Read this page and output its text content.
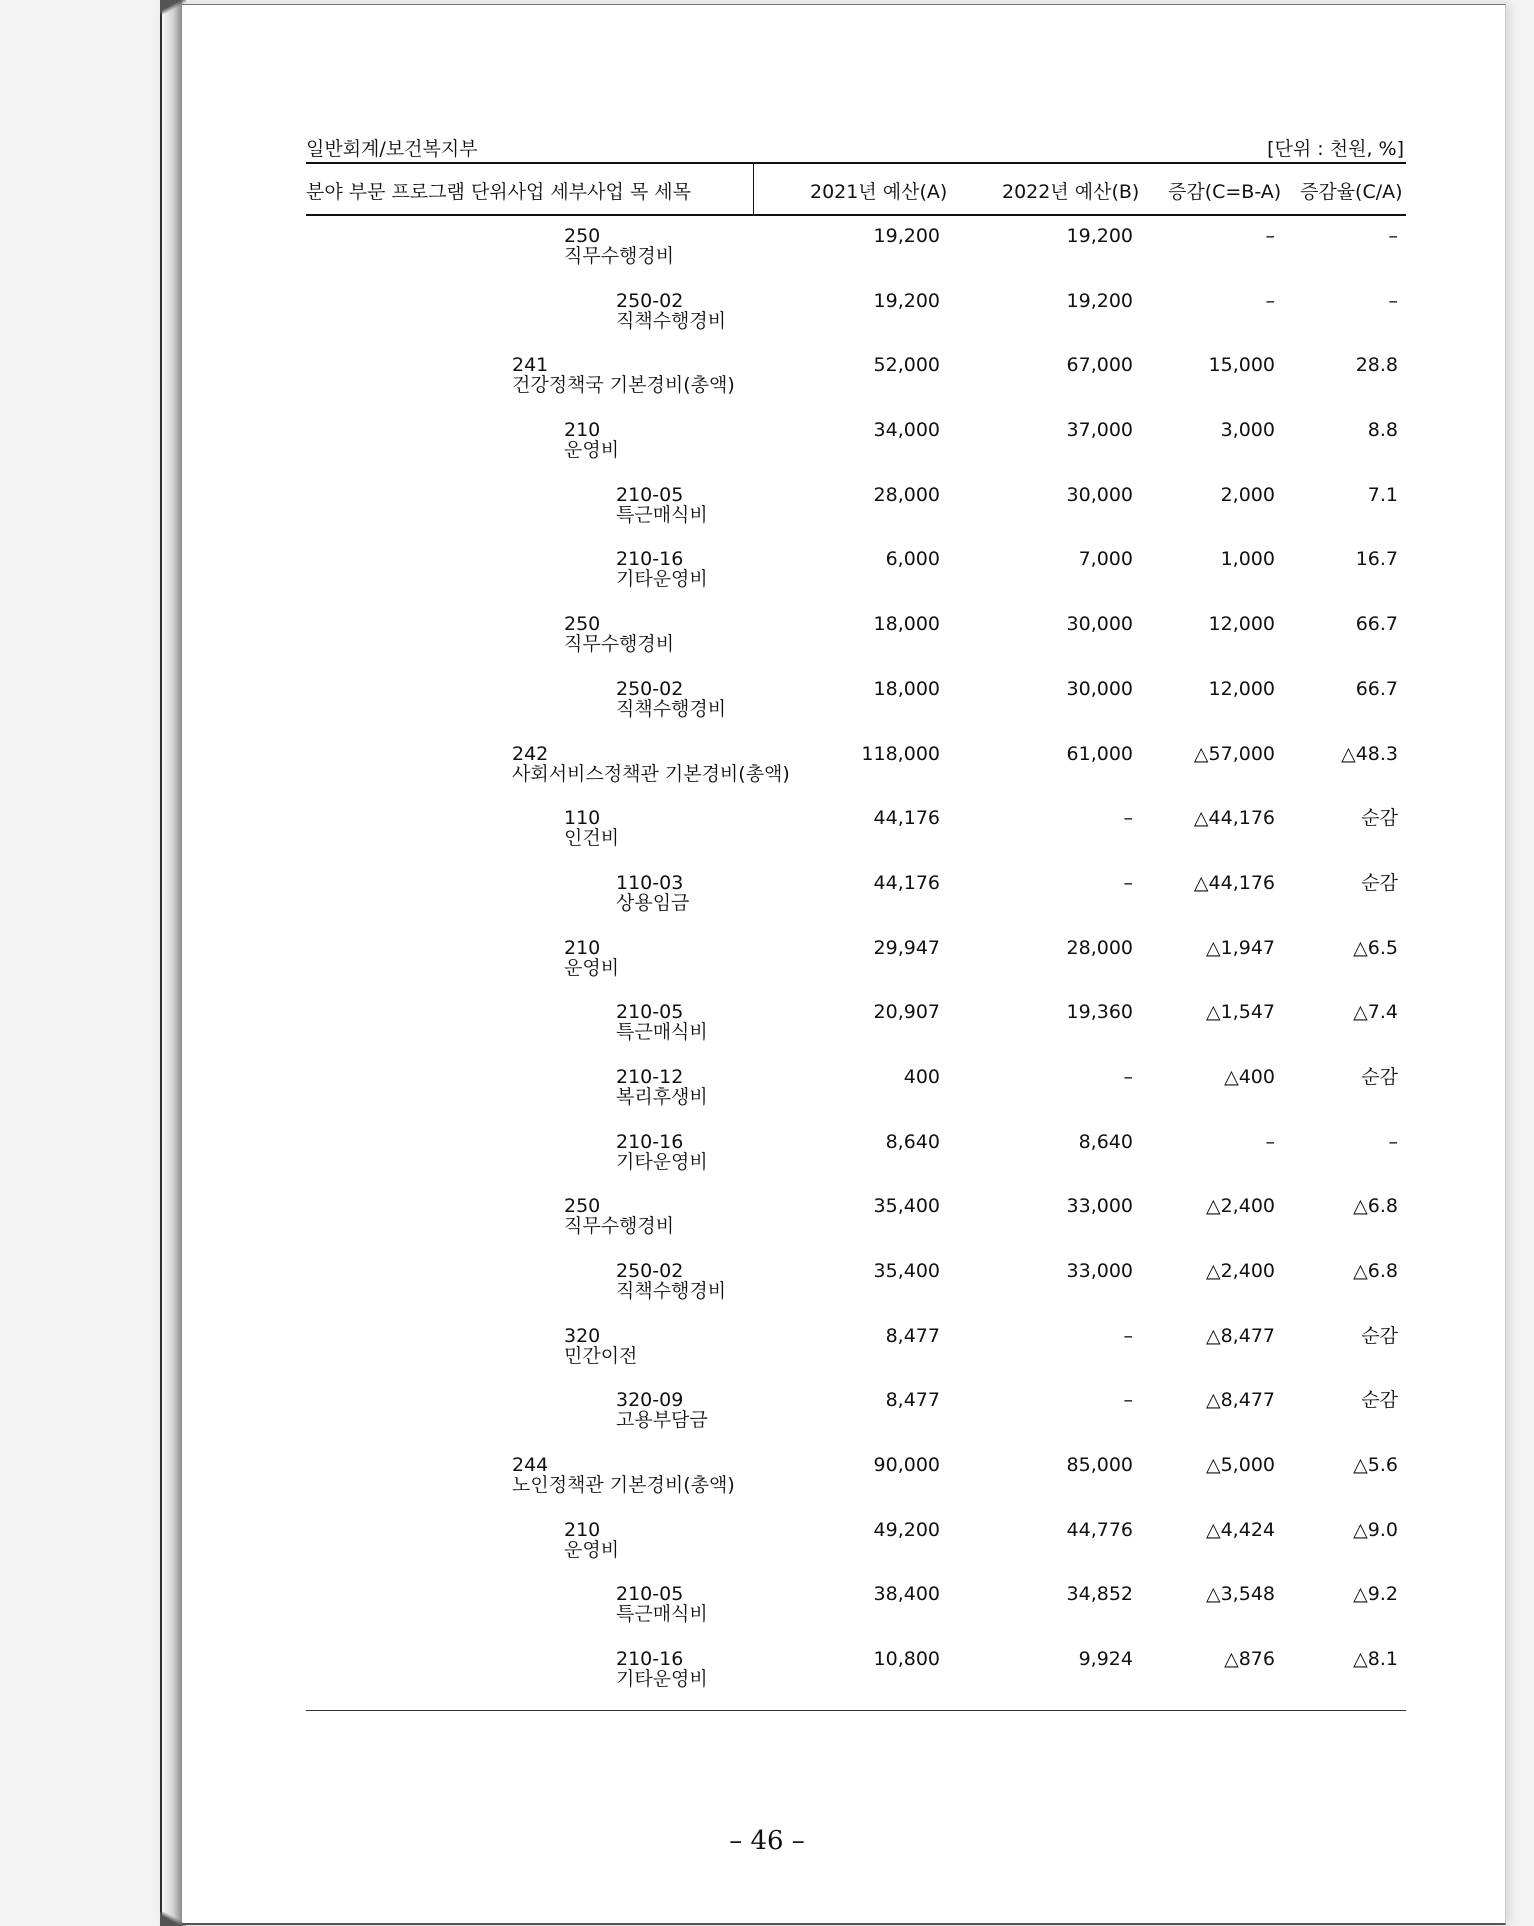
일반회계/보건복지부	[단위 : 천원, %]
분야 부문 프로그램 단위사업 세부사업 목 세목	2021년 예산(A)	2022년 예산(B) 증감(C=B-A) 증감율(C/A)
250
직무수행경비
19,200	19,200	–	–
250-02
직책수행경비
19,200	19,200	–	–
241
건강정책국 기본경비(총액)
52,000	67,000	15,000	28.8
210
운영비
34,000	37,000	3,000	8.8
210-05
특근매식비
28,000	30,000	2,000	7.1
210-16
기타운영비
6,000	7,000	1,000	16.7
250
직무수행경비
18,000	30,000	12,000	66.7
250-02
직책수행경비
18,000	30,000	12,000	66.7
242
사회서비스정책관 기본경비(총액)
118,000	61,000	△57,000	△48.3
110
인건비
44,176	–	△44,176	순감
110-03
상용임금
44,176	–	△44,176	순감
210
운영비
29,947	28,000	△1,947	△6.5
210-05
특근매식비
20,907	19,360	△1,547	△7.4
210-12
복리후생비
400	–	△400	순감
210-16
기타운영비
8,640	8,640	–	–
250
직무수행경비
35,400	33,000	△2,400	△6.8
250-02
직책수행경비
35,400	33,000	△2,400	△6.8
320
민간이전
8,477	–	△8,477	순감
320-09
고용부담금
8,477	–	△8,477	순감
244
노인정책관 기본경비(총액)
90,000	85,000	△5,000	△5.6
210
운영비
49,200	44,776	△4,424	△9.0
210-05
특근매식비
38,400	34,852	△3,548	△9.2
210-16
기타운영비
10,800	9,924	△876	△8.1
– 46 –
